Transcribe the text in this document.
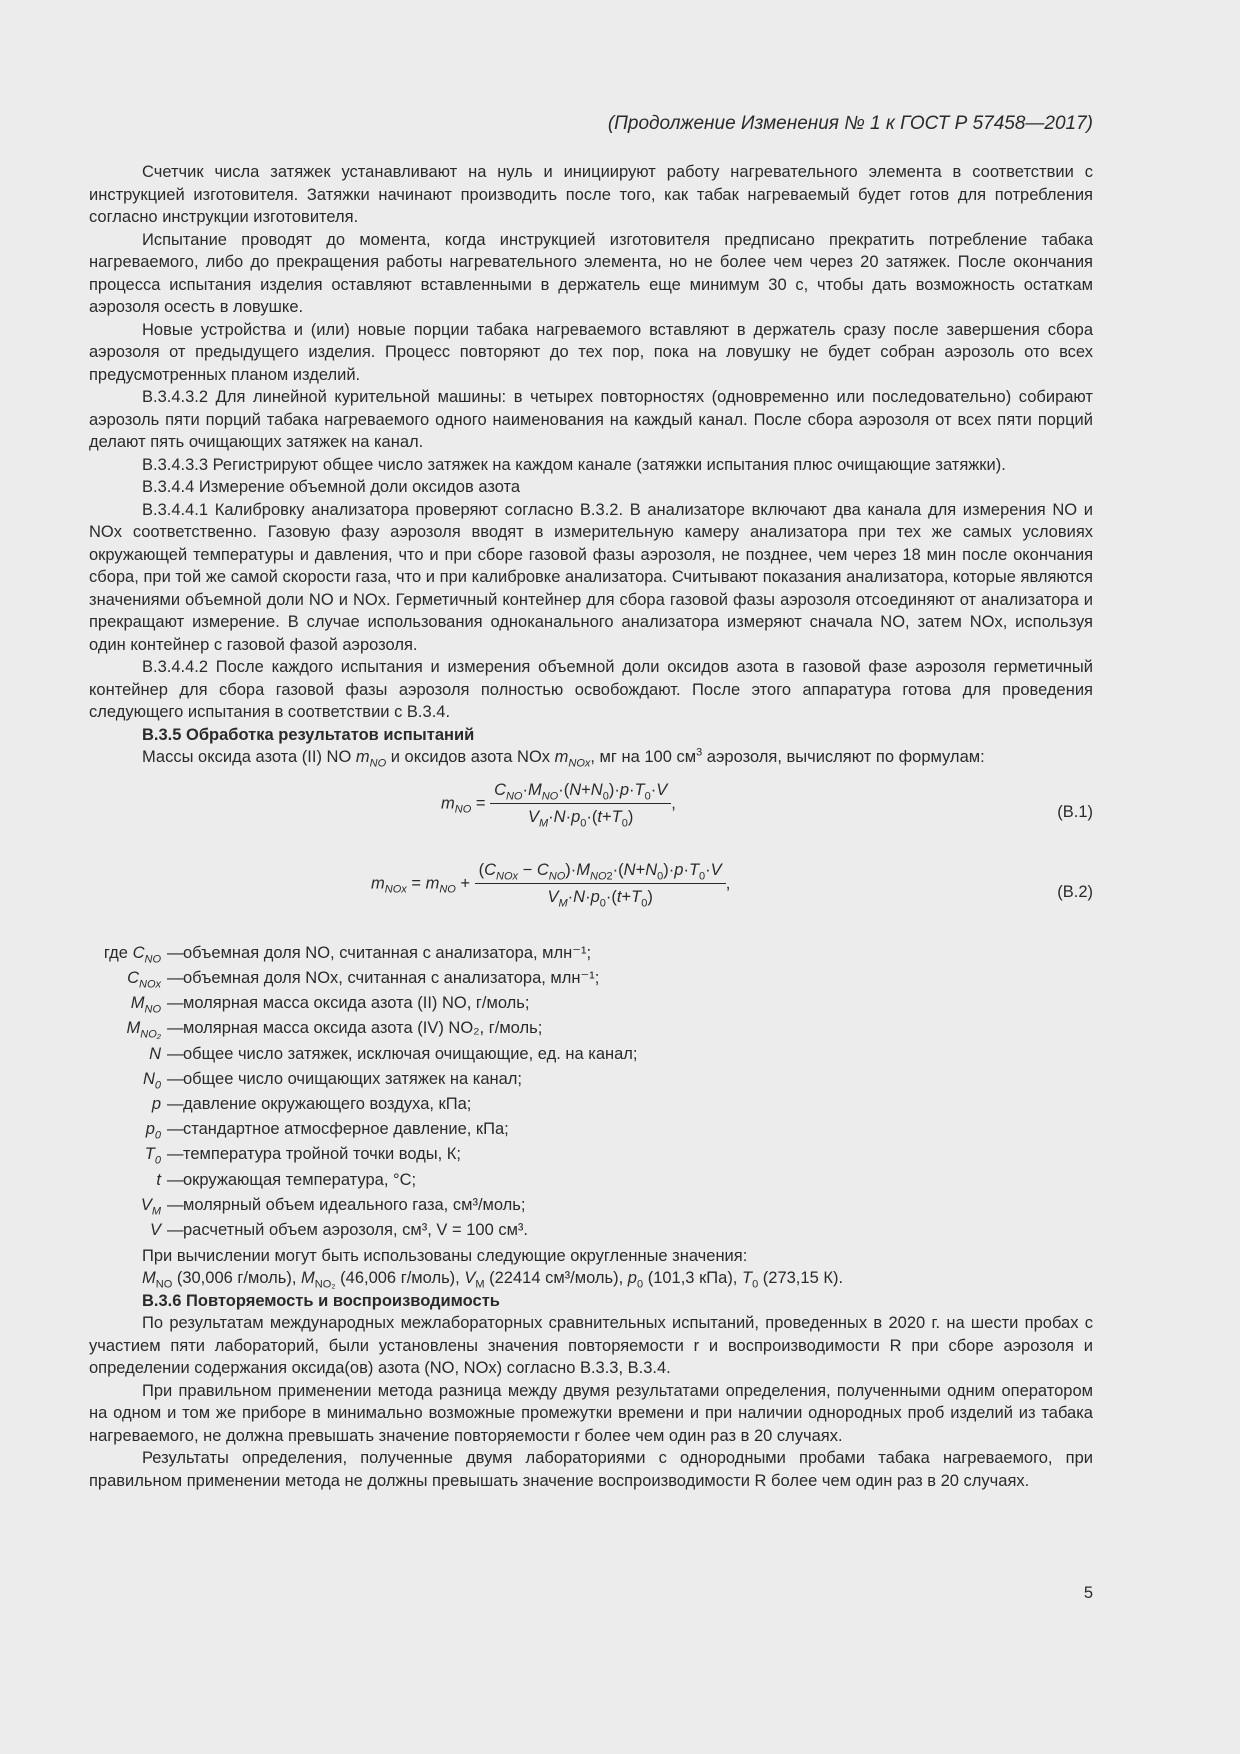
(Продолжение Изменения № 1 к ГОСТ Р 57458—2017)

Счетчик числа затяжек устанавливают на нуль и инициируют работу нагревательного элемента в соответствии с инструкцией изготовителя. Затяжки начинают производить после того, как табак нагреваемый будет готов для потребления согласно инструкции изготовителя.

Испытание проводят до момента, когда инструкцией изготовителя предписано прекратить потребление табака нагреваемого, либо до прекращения работы нагревательного элемента, но не более чем через 20 затяжек. После окончания процесса испытания изделия оставляют вставленными в держатель еще минимум 30 с, чтобы дать возможность остаткам аэрозоля осесть в ловушке.

Новые устройства и (или) новые порции табака нагреваемого вставляют в держатель сразу после завершения сбора аэрозоля от предыдущего изделия. Процесс повторяют до тех пор, пока на ловушку не будет собран аэрозоль ото всех предусмотренных планом изделий.

В.3.4.3.2 Для линейной курительной машины: в четырех повторностях (одновременно или последовательно) собирают аэрозоль пяти порций табака нагреваемого одного наименования на каждый канал. После сбора аэрозоля от всех пяти порций делают пять очищающих затяжек на канал.

В.3.4.3.3 Регистрируют общее число затяжек на каждом канале (затяжки испытания плюс очищающие затяжки).

В.3.4.4 Измерение объемной доли оксидов азота

В.3.4.4.1 Калибровку анализатора проверяют согласно В.3.2. В анализаторе включают два канала для измерения NO и NOx соответственно. Газовую фазу аэрозоля вводят в измерительную камеру анализатора при тех же самых условиях окружающей температуры и давления, что и при сборе газовой фазы аэрозоля, не позднее, чем через 18 мин после окончания сбора, при той же самой скорости газа, что и при калибровке анализатора. Считывают показания анализатора, которые являются значениями объемной доли NO и NOx. Герметичный контейнер для сбора газовой фазы аэрозоля отсоединяют от анализатора и прекращают измерение. В случае использования одноканального анализатора измеряют сначала NO, затем NOx, используя один контейнер с газовой фазой аэрозоля.

В.3.4.4.2 После каждого испытания и измерения объемной доли оксидов азота в газовой фазе аэрозоля герметичный контейнер для сбора газовой фазы аэрозоля полностью освобождают. После этого аппаратура готова для проведения следующего испытания в соответствии с В.3.4.

В.3.5 Обработка результатов испытаний

Массы оксида азота (II) NO $m_{NO}$ и оксидов азота NOx $m_{NOx}$, мг на 100 $см^3$ аэрозоля, вычисляют по формулам:

$m_{NO} = \frac{C_{NO}\cdot M_{NO}\cdot(N+N_0)\cdot p\cdot T_0\cdot V}{V_M\cdot N\cdot p_0\cdot(t+T_0)}$ ,	(В.1)
$m_{NOx} = m_{NO} + \frac{(C_{NOx} - C_{NO})\cdot M_{NO2}\cdot(N+N_0)\cdot p\cdot T_0\cdot V}{V_M\cdot N\cdot p_0\cdot(t+T_0)}$ ,	(В.2)
где $C_{NO}$ — объемная доля NO, считанная с анализатора, млн⁻¹;
$C_{NOx}$ — объемная доля NOx, считанная с анализатора, млн⁻¹;
$M_{NO}$ — молярная масса оксида азота (II) NO, г/моль;
$M_{NO_2}$ — молярная масса оксида азота (IV) NO₂, г/моль;
N — общее число затяжек, исключая очищающие, ед. на канал;
$N_0$ — общее число очищающих затяжек на канал;
p — давление окружающего воздуха, кПа;
$p_0$ — стандартное атмосферное давление, кПа;
$T_0$ — температура тройной точки воды, К;
t — окружающая температура, °C;
$V_M$ — молярный объем идеального газа, см³/моль;
V — расчетный объем аэрозоля, см³, V = 100 см³.

При вычислении могут быть использованы следующие округленные значения:

$M_{NO}$ (30,006 г/моль), $M_{NO_2}$ (46,006 г/моль), $V_M$ (22414 см³/моль), $p_0$ (101,3 кПа), $T_0$ (273,15 К).

В.3.6 Повторяемость и воспроизводимость

По результатам международных межлабораторных сравнительных испытаний, проведенных в 2020 г. на шести пробах с участием пяти лабораторий, были установлены значения повторяемости r и воспроизводимости R при сборе аэрозоля и определении содержания оксида(ов) азота (NO, NOx) согласно В.3.3, В.3.4.

При правильном применении метода разница между двумя результатами определения, полученными одним оператором на одном и том же приборе в минимально возможные промежутки времени и при наличии однородных проб изделий из табака нагреваемого, не должна превышать значение повторяемости r более чем один раз в 20 случаях.

Результаты определения, полученные двумя лабораториями с однородными пробами табака нагреваемого, при правильном применении метода не должны превышать значение воспроизводимости R более чем один раз в 20 случаях.

5
